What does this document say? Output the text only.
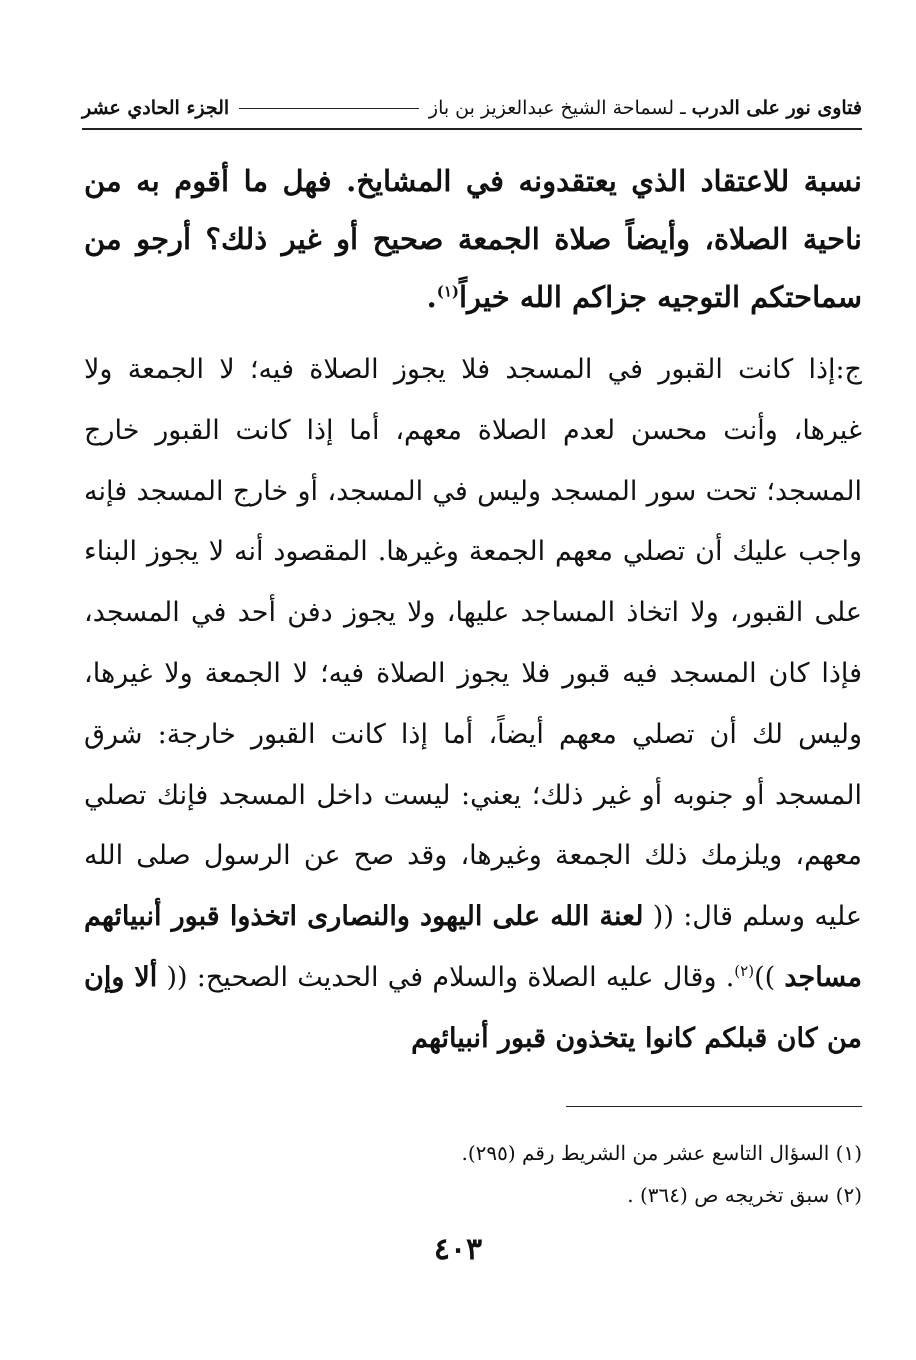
فتاوى نور على الدرب
ـ لسماحة الشيخ عبدالعزيز بن باز
الجزء الحادي عشر
نسبة للاعتقاد الذي يعتقدونه في المشايخ. فهل ما أقوم به من ناحية الصلاة، وأيضاً صلاة الجمعة صحيح أو غير ذلك؟ أرجو من سماحتكم التوجيه جزاكم الله خيراً$^{(١)}$.
ج:إذا كانت القبور في المسجد فلا يجوز الصلاة فيه؛ لا الجمعة ولا غيرها، وأنت محسن لعدم الصلاة معهم، أما إذا كانت القبور خارج المسجد؛ تحت سور المسجد وليس في المسجد، أو خارج المسجد فإنه واجب عليك أن تصلي معهم الجمعة وغيرها. المقصود أنه لا يجوز البناء على القبور، ولا اتخاذ المساجد عليها، ولا يجوز دفن أحد في المسجد، فإذا كان المسجد فيه قبور فلا يجوز الصلاة فيه؛ لا الجمعة ولا غيرها، وليس لك أن تصلي معهم أيضاً، أما إذا كانت القبور خارجة: شرق المسجد أو جنوبه أو غير ذلك؛ يعني: ليست داخل المسجد فإنك تصلي معهم، ويلزمك ذلك الجمعة وغيرها، وقد صح عن الرسول صلى الله عليه وسلم قال: (( لعنة الله على اليهود والنصارى اتخذوا قبور أنبيائهم مساجد ))$^{(٢)}$. وقال عليه الصلاة والسلام في الحديث الصحيح: (( ألا وإن من كان قبلكم كانوا يتخذون قبور أنبيائهم
(١) السؤال التاسع عشر من الشريط رقم (٢٩٥).
(٢) سبق تخريجه ص (٣٦٤) .
٤٠٣
